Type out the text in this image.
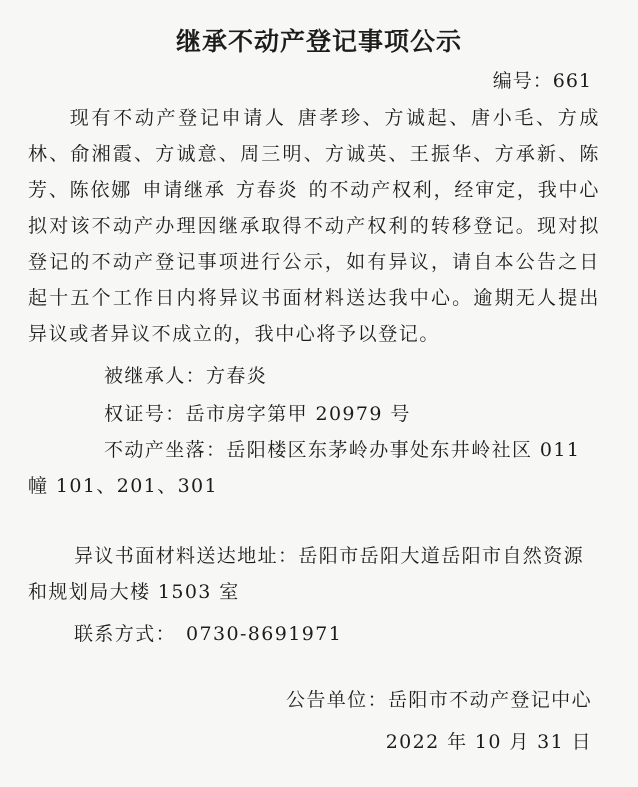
继承不动产登记事项公示
编号：661
现有不动产登记申请人 唐孝珍、方诚起、唐小毛、方成林、俞湘霞、方诚意、周三明、方诚英、王振华、方承新、陈芳、陈依娜 申请继承 方春炎 的不动产权利，经审定，我中心拟对该不动产办理因继承取得不动产权利的转移登记。现对拟登记的不动产登记事项进行公示，如有异议，请自本公告之日起十五个工作日内将异议书面材料送达我中心。逾期无人提出异议或者异议不成立的，我中心将予以登记。
被继承人：方春炎
权证号：岳市房字第甲 20979 号
不动产坐落：岳阳楼区东茅岭办事处东井岭社区 011 幢 101、201、301
异议书面材料送达地址：岳阳市岳阳大道岳阳市自然资源和规划局大楼 1503 室
联系方式： 0730-8691971
公告单位：岳阳市不动产登记中心
2022 年 10 月 31 日
